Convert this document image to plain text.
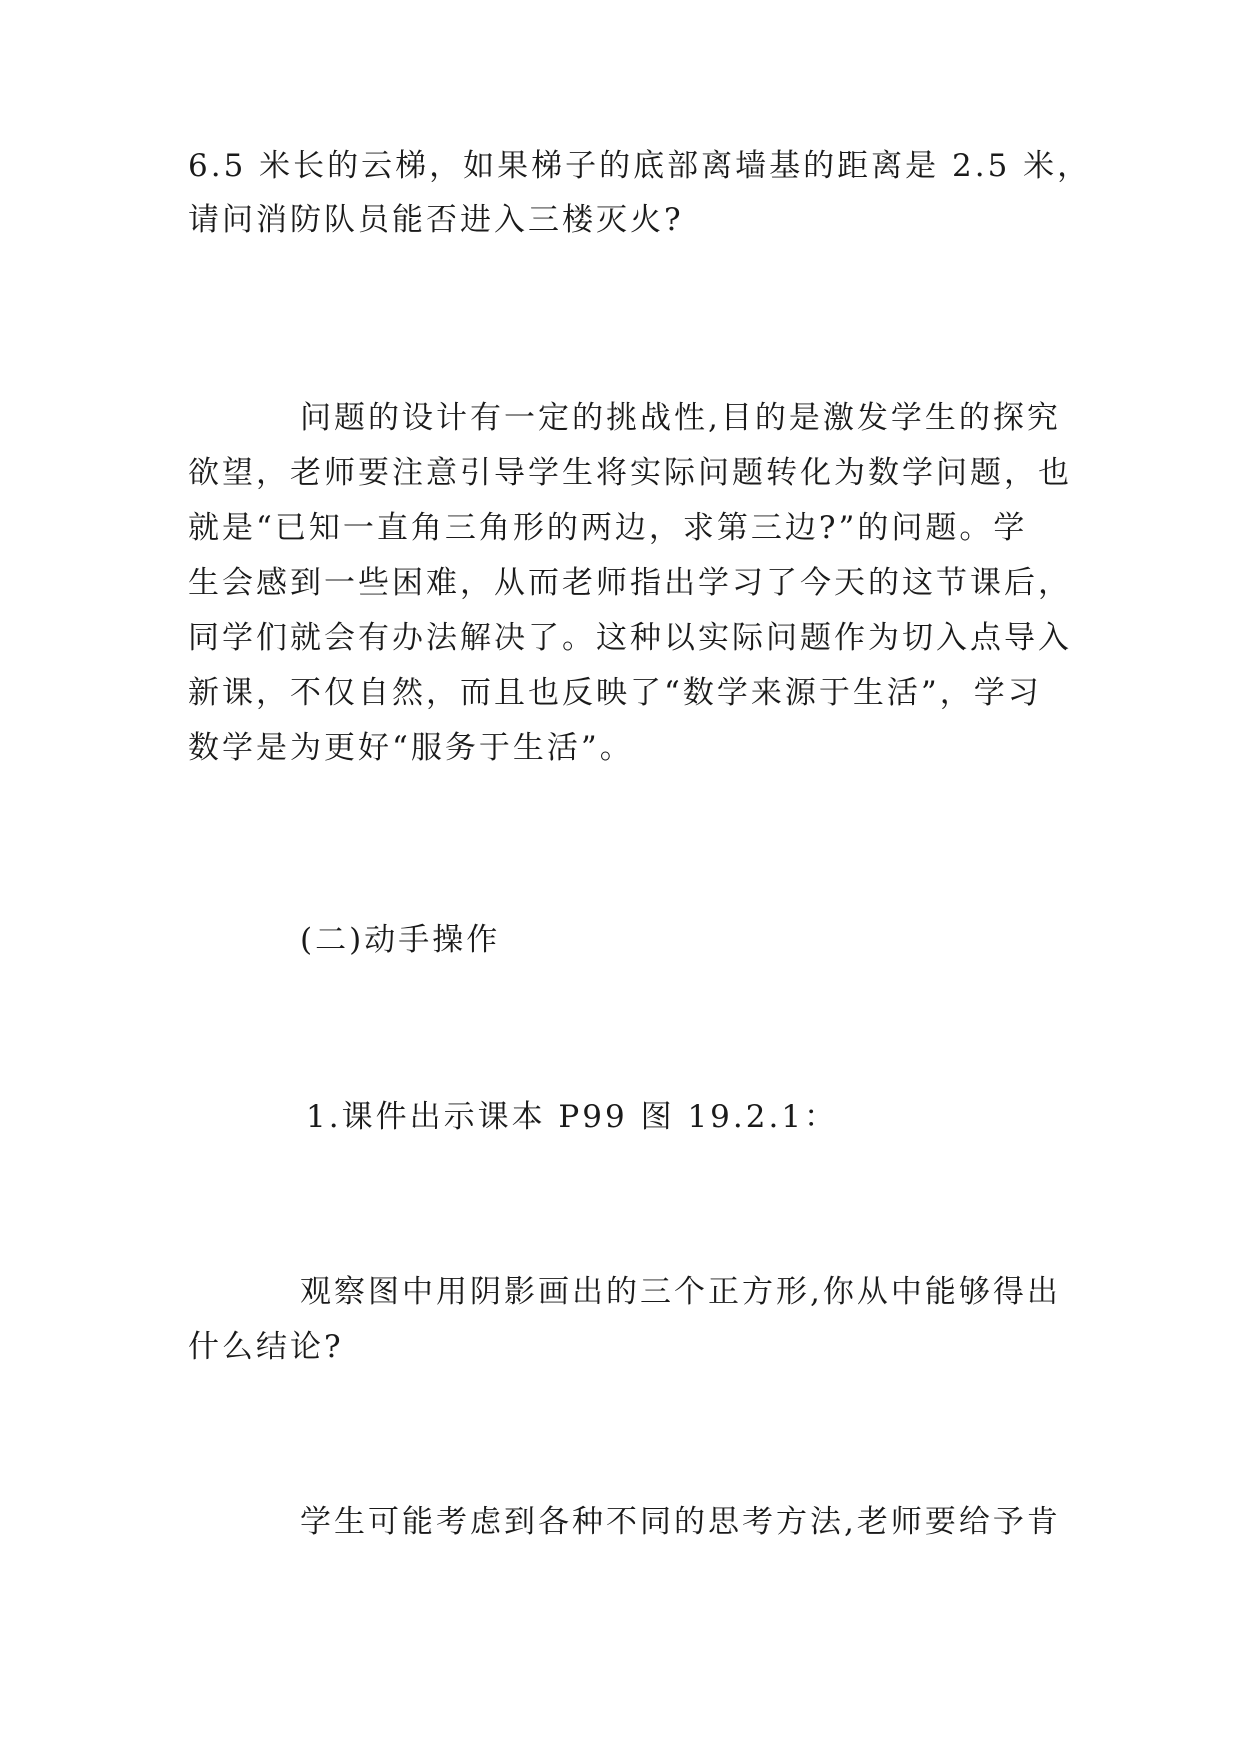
6.5 米长的云梯，如果梯子的底部离墙基的距离是 2.5 米，
请问消防队员能否进入三楼灭火?
问题的设计有一定的挑战性,目的是激发学生的探究
欲望，老师要注意引导学生将实际问题转化为数学问题，也
就是“已知一直角三角形的两边，求第三边?”的问题。学
生会感到一些困难，从而老师指出学习了今天的这节课后，
同学们就会有办法解决了。这种以实际问题作为切入点导入
新课，不仅自然，而且也反映了“数学来源于生活”，学习
数学是为更好“服务于生活”。
(二)动手操作
1.课件出示课本 P99 图 19.2.1：
观察图中用阴影画出的三个正方形,你从中能够得出
什么结论?
学生可能考虑到各种不同的思考方法,老师要给予肯
